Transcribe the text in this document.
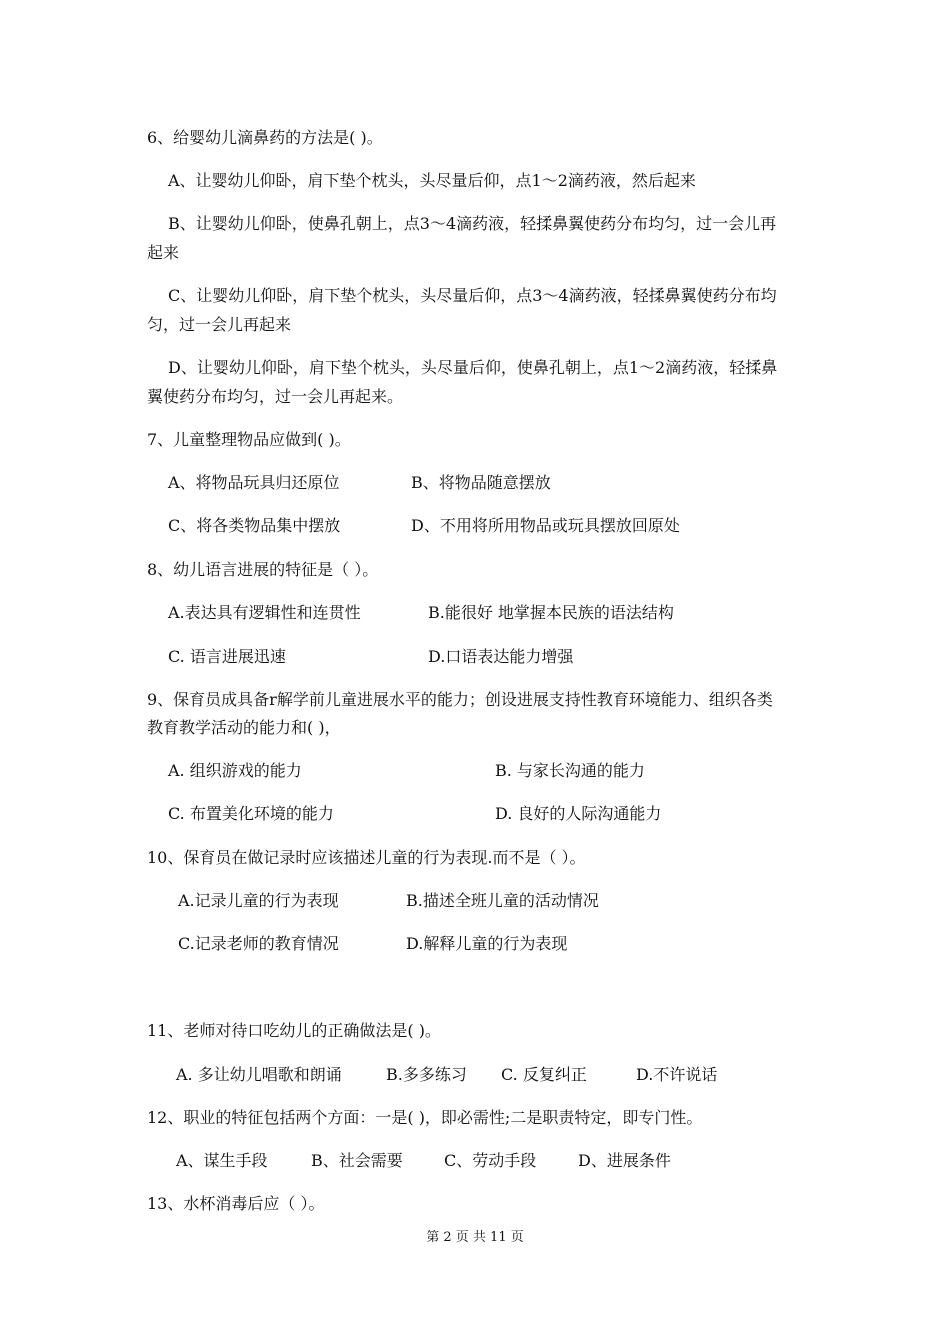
6、给婴幼儿滴鼻药的方法是( )。
A、让婴幼儿仰卧，肩下垫个枕头，头尽量后仰，点1～2滴药液，然后起来
B、让婴幼儿仰卧，使鼻孔朝上，点3～4滴药液，轻揉鼻翼使药分布均匀，过一会儿再
起来
C、让婴幼儿仰卧，肩下垫个枕头，头尽量后仰，点3～4滴药液，轻揉鼻翼使药分布均
匀，过一会儿再起来
D、让婴幼儿仰卧，肩下垫个枕头，头尽量后仰，使鼻孔朝上，点1～2滴药液，轻揉鼻
翼使药分布均匀，过一会儿再起来。
7、儿童整理物品应做到( )。
A、将物品玩具归还原位	B、将物品随意摆放
C、将各类物品集中摆放	D、不用将所用物品或玩具摆放回原处
8、幼儿语言进展的特征是（ ）。
A.表达具有逻辑性和连贯性	B.能很好 地掌握本民族的语法结构
C. 语言进展迅速	D.口语表达能力增强
9、保育员成具备r解学前儿童进展水平的能力；创设进展支持性教育环境能力、组织各类
教育教学活动的能力和( )，
A. 组织游戏的能力	B. 与家长沟通的能力
C. 布置美化环境的能力	D. 良好的人际沟通能力
10、保育员在做记录时应该描述儿童的行为表现.而不是（ ）。
A.记录儿童的行为表现	B.描述全班儿童的活动情况
C.记录老师的教育情况	D.解释儿童的行为表现
11、老师对待口吃幼儿的正确做法是( )。
A. 多让幼儿唱歌和朗诵	B.多多练习 C. 反复纠正	D.不许说话
12、职业的特征包括两个方面：一是( )，即必需性;二是职责特定，即专门性。
A、谋生手段	B、社会需要	C、劳动手段	D、进展条件
13、水杯消毒后应（ ）。
第 2 页 共 11 页
